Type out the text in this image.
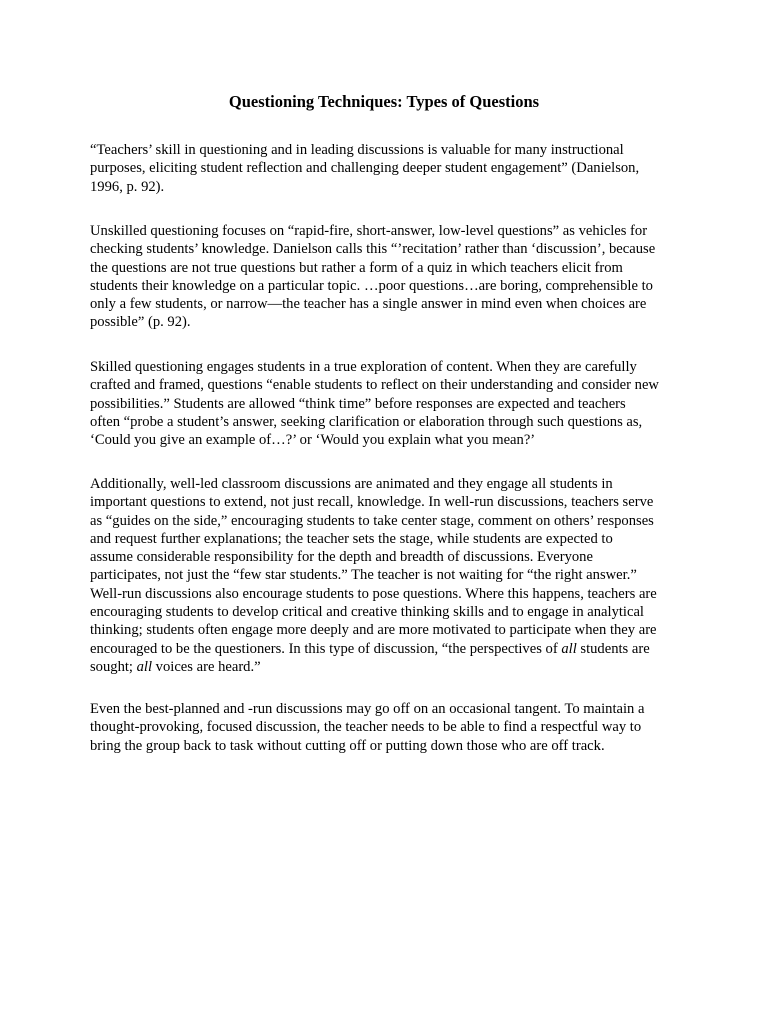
Questioning Techniques: Types of Questions

“Teachers’ skill in questioning and in leading discussions is valuable for many instructional
purposes, eliciting student reflection and challenging deeper student engagement” (Danielson,
1996, p. 92).

Unskilled questioning focuses on “rapid-fire, short-answer, low-level questions” as vehicles for
checking students’ knowledge. Danielson calls this “’recitation’ rather than ‘discussion’, because
the questions are not true questions but rather a form of a quiz in which teachers elicit from
students their knowledge on a particular topic. …poor questions…are boring, comprehensible to
only a few students, or narrow—the teacher has a single answer in mind even when choices are
possible” (p. 92).

Skilled questioning engages students in a true exploration of content. When they are carefully
crafted and framed, questions “enable students to reflect on their understanding and consider new
possibilities.” Students are allowed “think time” before responses are expected and teachers
often “probe a student’s answer, seeking clarification or elaboration through such questions as,
‘Could you give an example of…?’ or ‘Would you explain what you mean?’

Additionally, well-led classroom discussions are animated and they engage all students in
important questions to extend, not just recall, knowledge. In well-run discussions, teachers serve
as “guides on the side,” encouraging students to take center stage, comment on others’ responses
and request further explanations; the teacher sets the stage, while students are expected to
assume considerable responsibility for the depth and breadth of discussions. Everyone
participates, not just the “few star students.” The teacher is not waiting for “the right answer.”
Well-run discussions also encourage students to pose questions. Where this happens, teachers are
encouraging students to develop critical and creative thinking skills and to engage in analytical
thinking; students often engage more deeply and are more motivated to participate when they are
encouraged to be the questioners. In this type of discussion, “the perspectives of all students are
sought; all voices are heard.”

Even the best-planned and -run discussions may go off on an occasional tangent. To maintain a
thought-provoking, focused discussion, the teacher needs to be able to find a respectful way to
bring the group back to task without cutting off or putting down those who are off track.
